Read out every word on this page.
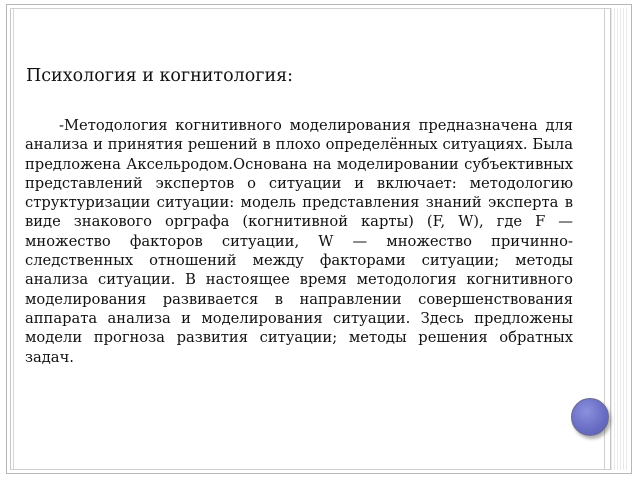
Психология и когнитология:
-Методология когнитивного моделирования предназначена для анализа и принятия решений в плохо определённых ситуациях. Была предложена Аксельродом.Основана на моделировании субъективных представлений экспертов о ситуации и включает: методологию структуризации ситуации: модель представления знаний эксперта в виде знакового орграфа (когнитивной карты) (F, W), где F — множество факторов ситуации, W — множество причинно-следственных отношений между факторами ситуации; методы анализа ситуации. В настоящее время методология когнитивного моделирования развивается в направлении совершенствования аппарата анализа и моделирования ситуации. Здесь предложены модели прогноза развития ситуации; методы решения обратных задач.
